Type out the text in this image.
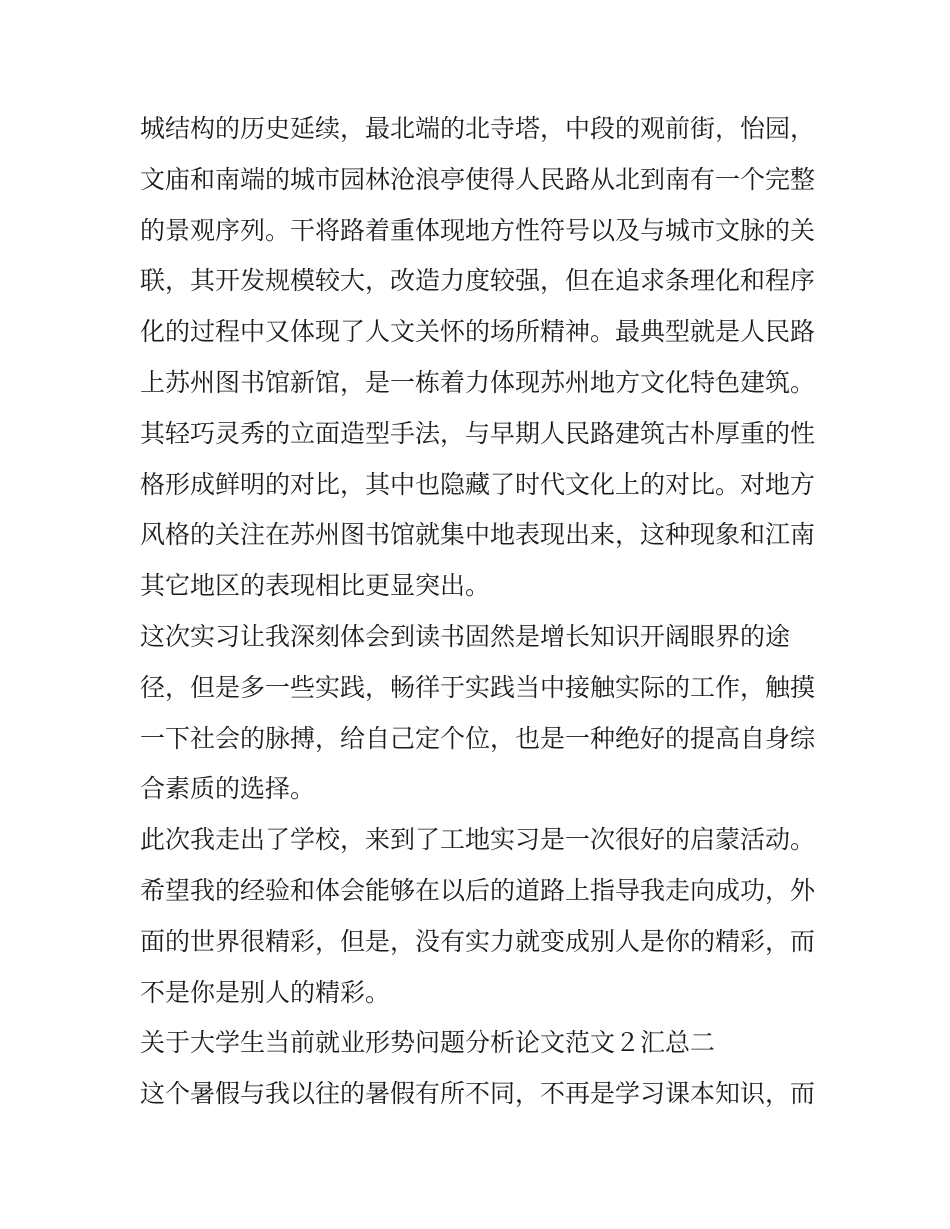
城结构的历史延续，最北端的北寺塔，中段的观前街，怡园，

文庙和南端的城市园林沧浪亭使得人民路从北到南有一个完整

的景观序列。干将路着重体现地方性符号以及与城市文脉的关

联，其开发规模较大，改造力度较强，但在追求条理化和程序

化的过程中又体现了人文关怀的场所精神。最典型就是人民路

上苏州图书馆新馆，是一栋着力体现苏州地方文化特色建筑。

其轻巧灵秀的立面造型手法，与早期人民路建筑古朴厚重的性

格形成鲜明的对比，其中也隐藏了时代文化上的对比。对地方

风格的关注在苏州图书馆就集中地表现出来，这种现象和江南

其它地区的表现相比更显突出。

这次实习让我深刻体会到读书固然是增长知识开阔眼界的途

径，但是多一些实践，畅徉于实践当中接触实际的工作，触摸

一下社会的脉搏，给自己定个位，也是一种绝好的提高自身综

合素质的选择。

此次我走出了学校，来到了工地实习是一次很好的启蒙活动。

希望我的经验和体会能够在以后的道路上指导我走向成功，外

面的世界很精彩，但是，没有实力就变成别人是你的精彩，而

不是你是别人的精彩。

关于大学生当前就业形势问题分析论文范文２汇总二

这个暑假与我以往的暑假有所不同，不再是学习课本知识，而
